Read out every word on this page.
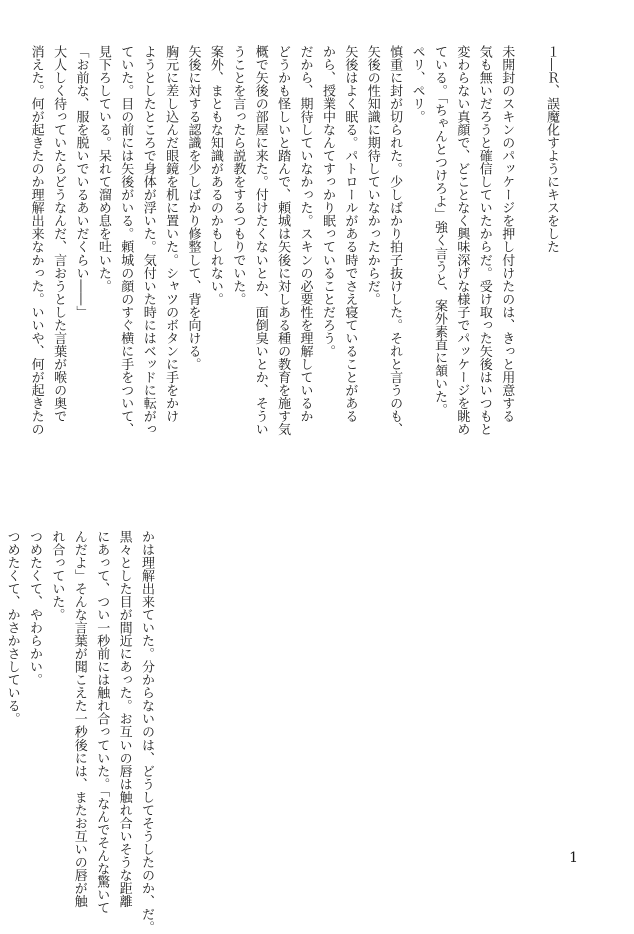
１―Ｒ、誤魔化すようにキスをした

未開封のスキンのパッケージを押し付けたのは、きっと用意する
気も無いだろうと確信していたからだ。受け取った矢後はいつもと
変わらない真顔で、どことなく興味深げな様子でパッケージを眺め
ている。「ちゃんとつけろよ」強く言うと、案外素直に頷いた。
ペリ、ペリ。
慎重に封が切られた。少しばかり拍子抜けした。それと言うのも、
矢後の性知識に期待していなかったからだ。
矢後はよく眠る。パトロールがある時でさえ寝ていることがある
から、授業中なんてすっかり眠っていることだろう。
だから、期待していなかった。スキンの必要性を理解しているか
どうかも怪しいと踏んで、頼城は矢後に対しある種の教育を施す気
概で矢後の部屋に来た。付けたくないとか、面倒臭いとか、そうい
うことを言ったら説教をするつもりでいた。
案外、まともな知識があるのかもしれない。
矢後に対する認識を少しばかり修整して、背を向ける。
胸元に差し込んだ眼鏡を机に置いた。シャツのボタンに手をかけ
ようとしたところで身体が浮いた。気付いた時にはベッドに転がっ
ていた。目の前には矢後がいる。頼城の顔のすぐ横に手をついて、
見下ろしている。呆れて溜め息を吐いた。
「お前な、服を脱いでいるあいだくらい――」
大人しく待っていたらどうなんだ、言おうとした言葉が喉の奥で
消えた。何が起きたのか理解出来なかった。いいや、何が起きたの
かは理解出来ていた。分からないのは、どうしてそうしたのか、だ。
黒々とした目が間近にあった。お互いの唇は触れ合いそうな距離
にあって、つい一秒前には触れ合っていた。「なんでそんな驚いて
んだよ」そんな言葉が聞こえた一秒後には、またお互いの唇が触
れ合っていた。
つめたくて、やわらかい。
つめたくて、かさかさしている。
1
